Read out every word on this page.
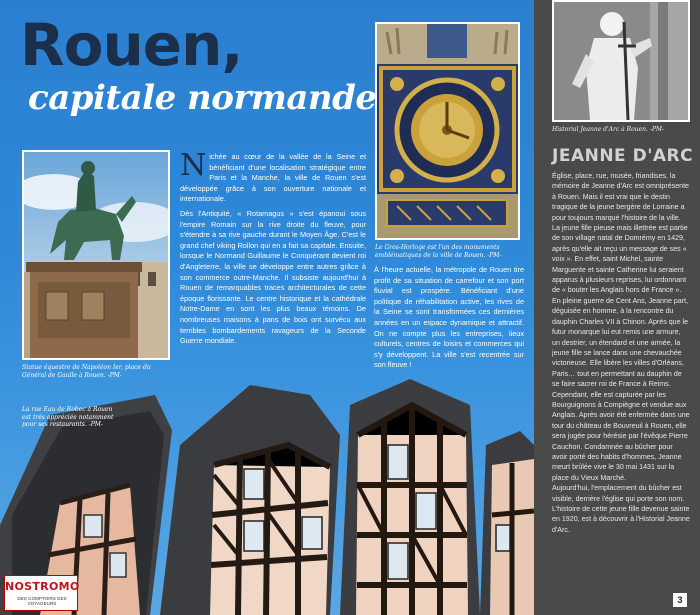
Rouen,
capitale normande
Statue équestre de Napoléon Ier, place du Général de Gaulle à Rouen. -PM-
Le Gros-Horloge est l'un des monuments emblématiques de la ville de Rouen. -PM-

Nichée au cœur de la vallée de la Seine et bénéficiant d'une localisation stratégique entre Paris et la Manche, la ville de Rouen s'est développée grâce à son ouverture nationale et internationale.

Dès l'Antiquité, « Rotamagus » s'est épanoui sous l'empire Romain sur la rive droite du fleuve, pour s'étendre à sa rive gauche durant le Moyen Âge. C'est le grand chef viking Rollon qui en a fait sa capitale. Ensuite, lorsque le Normand Guillaume le Conquérant devient roi d'Angleterre, la ville se développe entre autres grâce à son commerce outre-Manche. Il subsiste aujourd'hui à Rouen de remarquables traces architecturales de cette époque florissante. Le centre historique et la cathédrale Notre-Dame en sont les plus beaux témoins. De nombreuses maisons à pans de bois ont survécu aux terribles bombardements ravageurs de la Seconde Guerre mondiale.

À l'heure actuelle, la métropole de Rouen tire profit de sa situation de carrefour et son port fluvial est prospère. Bénéficiant d'une politique de réhabilitation active, les rives de la Seine se sont transformées ces dernières années en un espace dynamique et attractif. On ne compte plus les entreprises, lieux culturels, centres de loisirs et commerces qui s'y développent. La ville s'est recentrée sur son fleuve !

La rue Eau de Robec à Rouen est très appréciée notamment pour ses restaurants. -PM-
Historial Jeanne d'Arc à Rouen. -PM-
JEANNE D'ARC

Église, place, rue, musée, friandises, la mémoire de Jeanne d'Arc est omniprésente à Rouen. Mais il est vrai que le destin tragique de la jeune bergère de Lorraine a pour toujours marqué l'histoire de la ville.

La jeune fille pieuse mais illettrée est partie de son village natal de Domrémy en 1429, après qu'elle ait reçu un message de ses « voix ». En effet, saint Michel, sainte Marguerite et sainte Catherine lui seraient apparus à plusieurs reprises, lui ordonnant de « bouter les Anglais hors de France ». En pleine guerre de Cent Ans, Jeanne part, déguisée en homme, à la rencontre du dauphin Charles VII à Chinon. Après que le futur monarque lui eut remis une armure, un destrier, un étendard et une armée, la jeune fille se lance dans une chevauchée victorieuse. Elle libère les villes d'Orléans, Paris… tout en permettant au dauphin de se faire sacrer roi de France à Reims. Cependant, elle est capturée par les Bourguignons à Compiègne et vendue aux Anglais. Après avoir été enfermée dans une tour du château de Bouvreuil à Rouen, elle sera jugée pour hérésie par l'évêque Pierre Cauchon. Condamnée au bûcher pour avoir porté des habits d'hommes, Jeanne meurt brûlée vive le 30 mai 1431 sur la place du Vieux Marché.

Aujourd'hui, l'emplacement du bûcher est visible, derrière l'église qui porte son nom. L'histoire de cette jeune fille devenue sainte en 1920, est à découvrir à l'Historial Jeanne d'Arc.

NOSTROMO
DES COMPTOIRS DES VOYAGEURS	3
